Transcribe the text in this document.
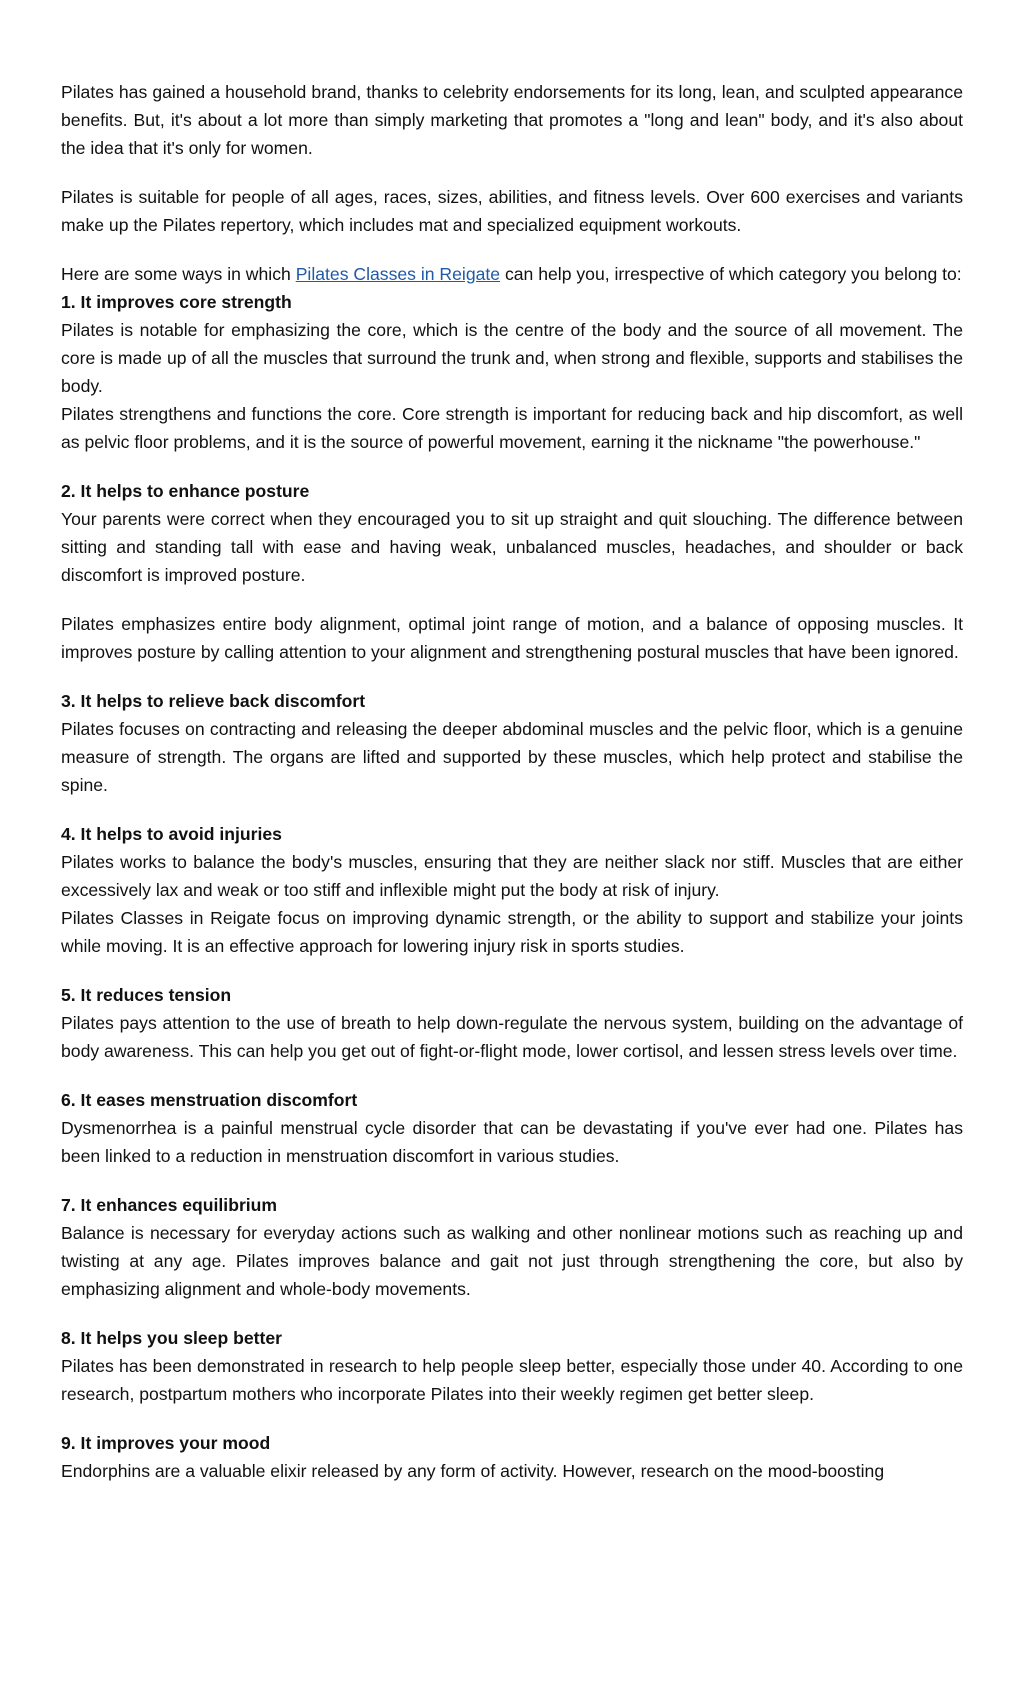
Pilates has gained a household brand, thanks to celebrity endorsements for its long, lean, and sculpted appearance benefits. But, it's about a lot more than simply marketing that promotes a "long and lean" body, and it's also about the idea that it's only for women.

Pilates is suitable for people of all ages, races, sizes, abilities, and fitness levels. Over 600 exercises and variants make up the Pilates repertory, which includes mat and specialized equipment workouts.

Here are some ways in which Pilates Classes in Reigate can help you, irrespective of which category you belong to:

1. It improves core strength

Pilates is notable for emphasizing the core, which is the centre of the body and the source of all movement. The core is made up of all the muscles that surround the trunk and, when strong and flexible, supports and stabilises the body.

Pilates strengthens and functions the core. Core strength is important for reducing back and hip discomfort, as well as pelvic floor problems, and it is the source of powerful movement, earning it the nickname "the powerhouse."

2. It helps to enhance posture

Your parents were correct when they encouraged you to sit up straight and quit slouching. The difference between sitting and standing tall with ease and having weak, unbalanced muscles, headaches, and shoulder or back discomfort is improved posture.

Pilates emphasizes entire body alignment, optimal joint range of motion, and a balance of opposing muscles. It improves posture by calling attention to your alignment and strengthening postural muscles that have been ignored.

3. It helps to relieve back discomfort

Pilates focuses on contracting and releasing the deeper abdominal muscles and the pelvic floor, which is a genuine measure of strength. The organs are lifted and supported by these muscles, which help protect and stabilise the spine.

4. It helps to avoid injuries

Pilates works to balance the body's muscles, ensuring that they are neither slack nor stiff. Muscles that are either excessively lax and weak or too stiff and inflexible might put the body at risk of injury.

Pilates Classes in Reigate focus on improving dynamic strength, or the ability to support and stabilize your joints while moving. It is an effective approach for lowering injury risk in sports studies.

5. It reduces tension

Pilates pays attention to the use of breath to help down-regulate the nervous system, building on the advantage of body awareness. This can help you get out of fight-or-flight mode, lower cortisol, and lessen stress levels over time.

6. It eases menstruation discomfort

Dysmenorrhea is a painful menstrual cycle disorder that can be devastating if you've ever had one. Pilates has been linked to a reduction in menstruation discomfort in various studies.

7. It enhances equilibrium

Balance is necessary for everyday actions such as walking and other nonlinear motions such as reaching up and twisting at any age. Pilates improves balance and gait not just through strengthening the core, but also by emphasizing alignment and whole-body movements.

8. It helps you sleep better

Pilates has been demonstrated in research to help people sleep better, especially those under 40. According to one research, postpartum mothers who incorporate Pilates into their weekly regimen get better sleep.

9. It improves your mood

Endorphins are a valuable elixir released by any form of activity. However, research on the mood-boosting
